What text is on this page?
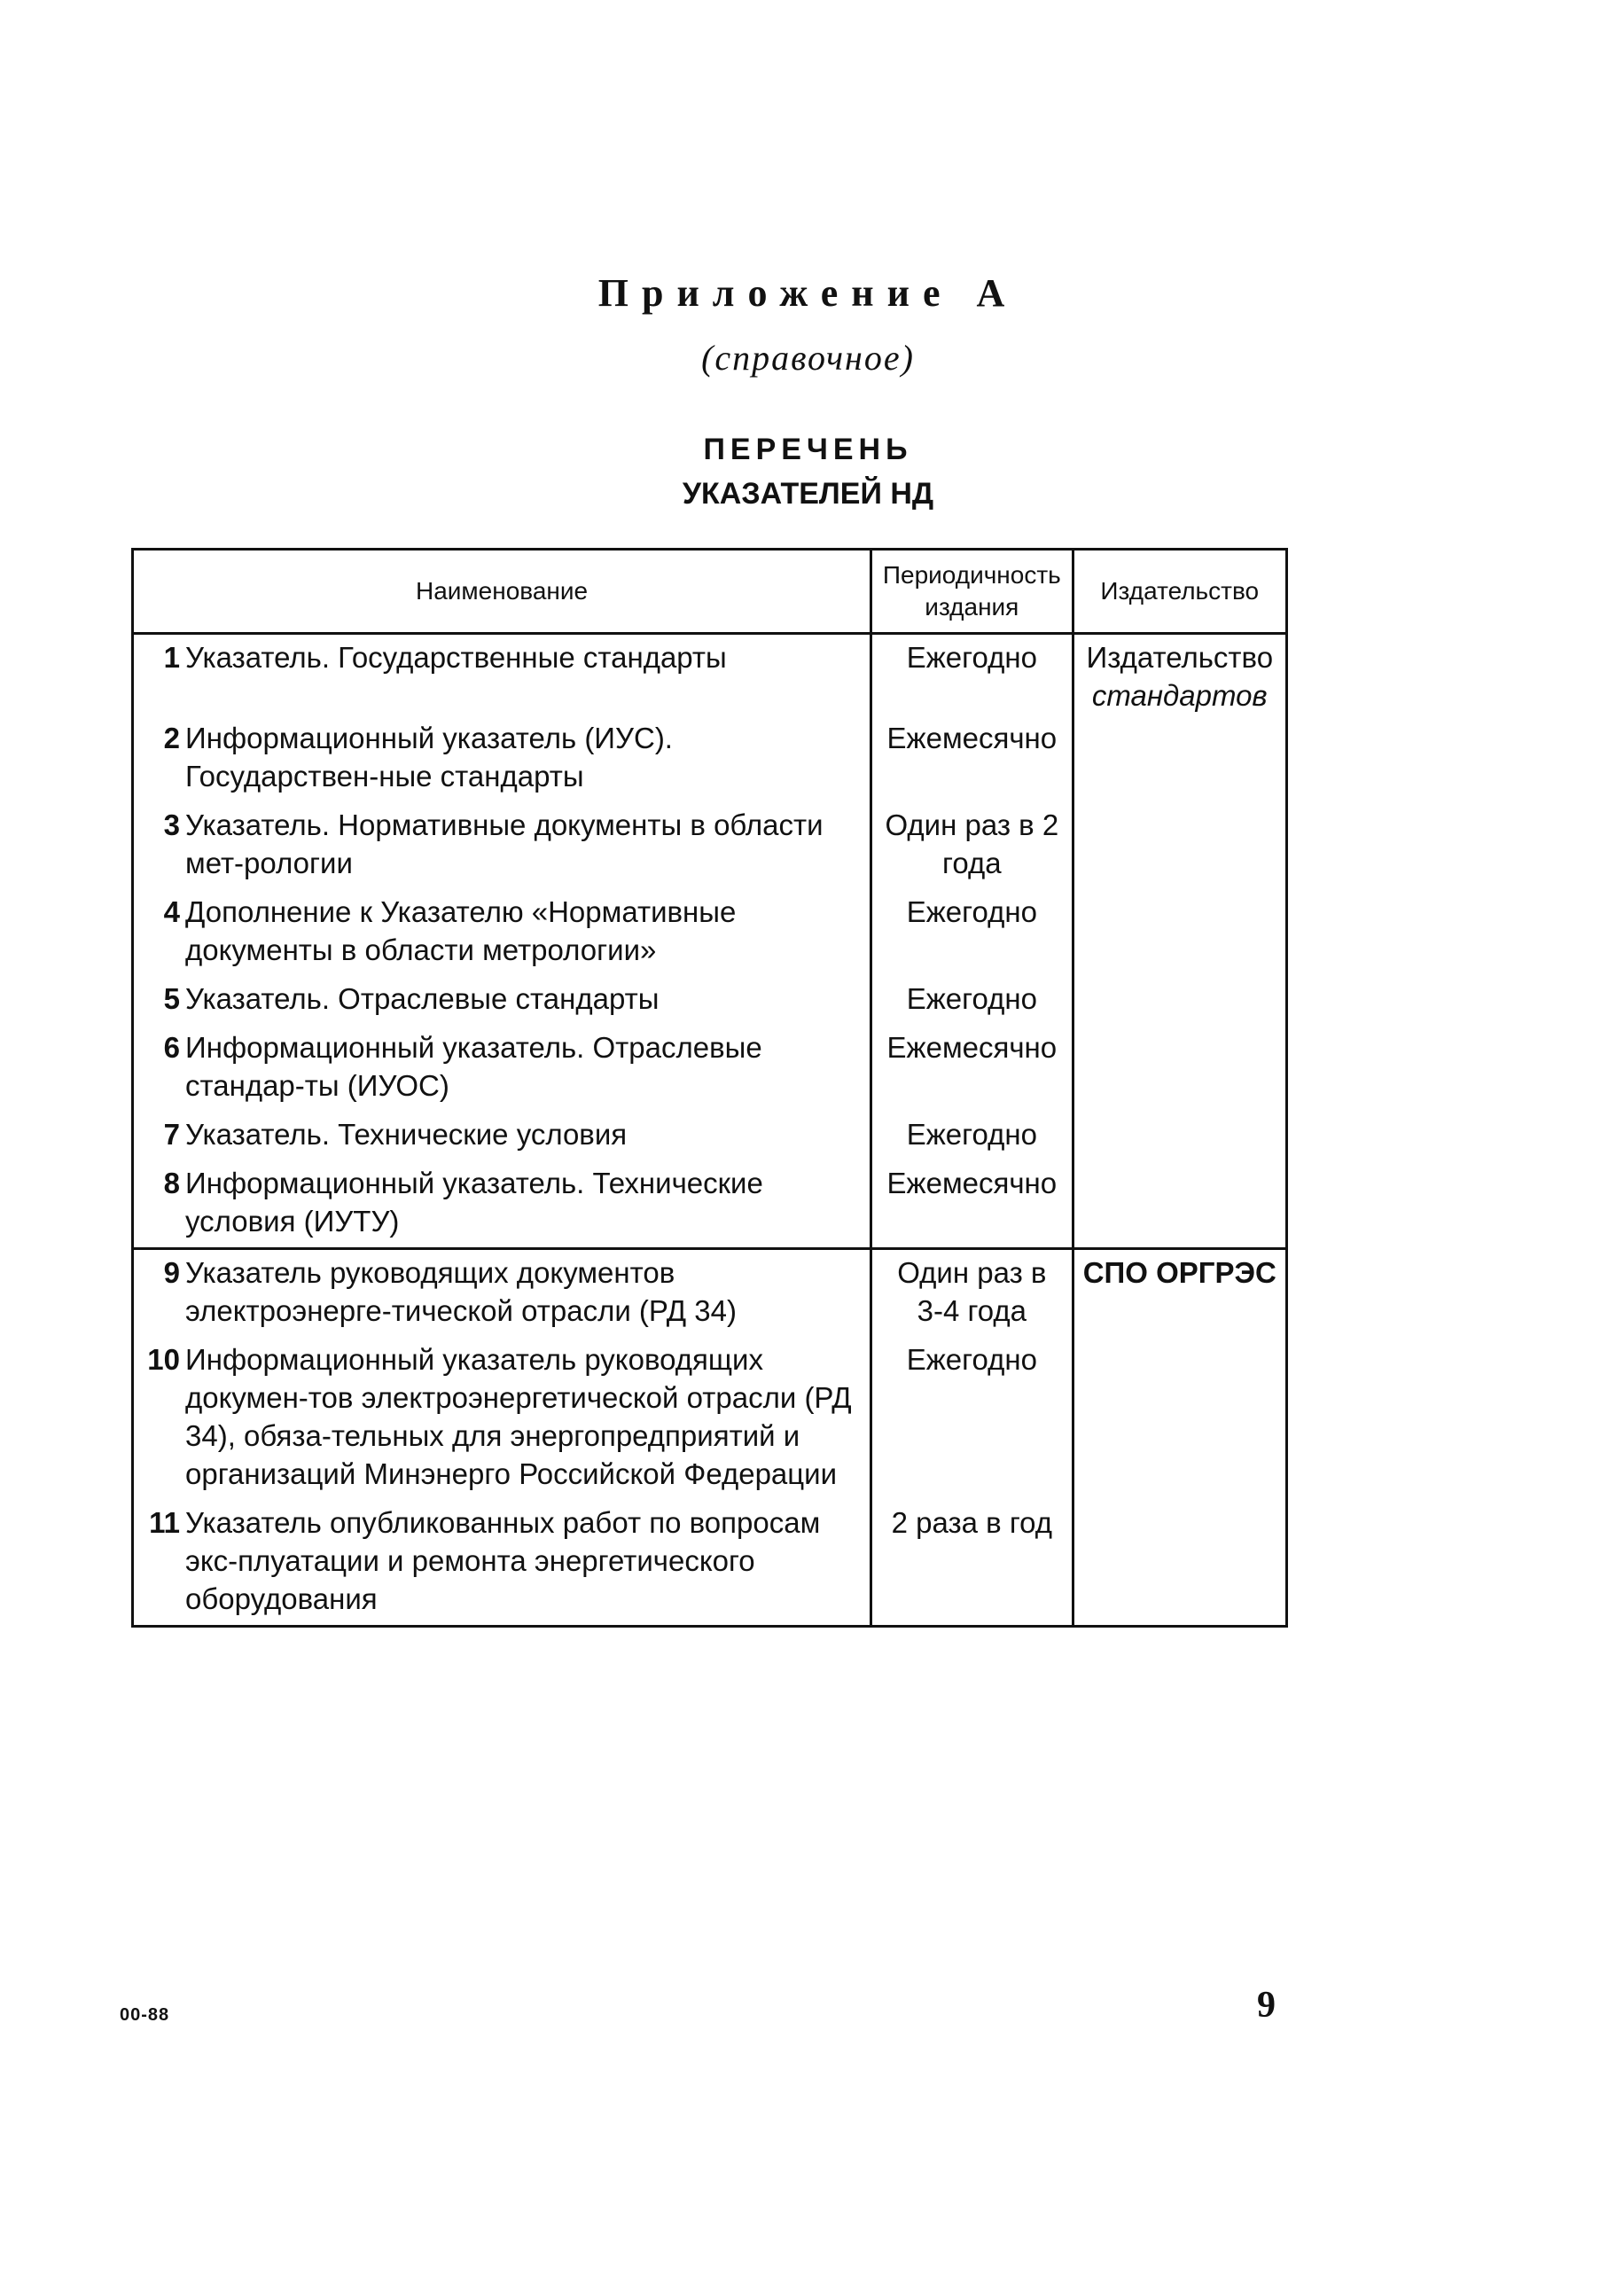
Приложение А
(справочное)
ПЕРЕЧЕНЬ
УКАЗАТЕЛЕЙ НД
Наименование	Периодичность издания	Издательство

1 Указатель. Государственные стандарты	Ежегодно	Издательство
стандартов

2 Информационный указатель (ИУС). Государствен-ные стандарты	Ежемесячно	

3 Указатель. Нормативные документы в области мет-рологии	Один раз в 2 года	

4 Дополнение к Указателю «Нормативные документы в области метрологии»	Ежегодно	

5 Указатель. Отраслевые стандарты	Ежегодно	

6 Информационный указатель. Отраслевые стандар-ты (ИУОС)	Ежемесячно	

7 Указатель. Технические условия	Ежегодно	

8 Информационный указатель. Технические условия (ИУТУ)	Ежемесячно	

9 Указатель руководящих документов электроэнерге-тической отрасли (РД 34)	Один раз в 3-4 года	СПО ОРГРЭС

10 Информационный указатель руководящих докумен-тов электроэнергетической отрасли (РД 34), обяза-тельных для энергопредприятий и организаций Минэнерго Российской Федерации	Ежегодно	

11 Указатель опубликованных работ по вопросам экс-плуатации и ремонта энергетического оборудования	2 раза в год	
00-88	9
